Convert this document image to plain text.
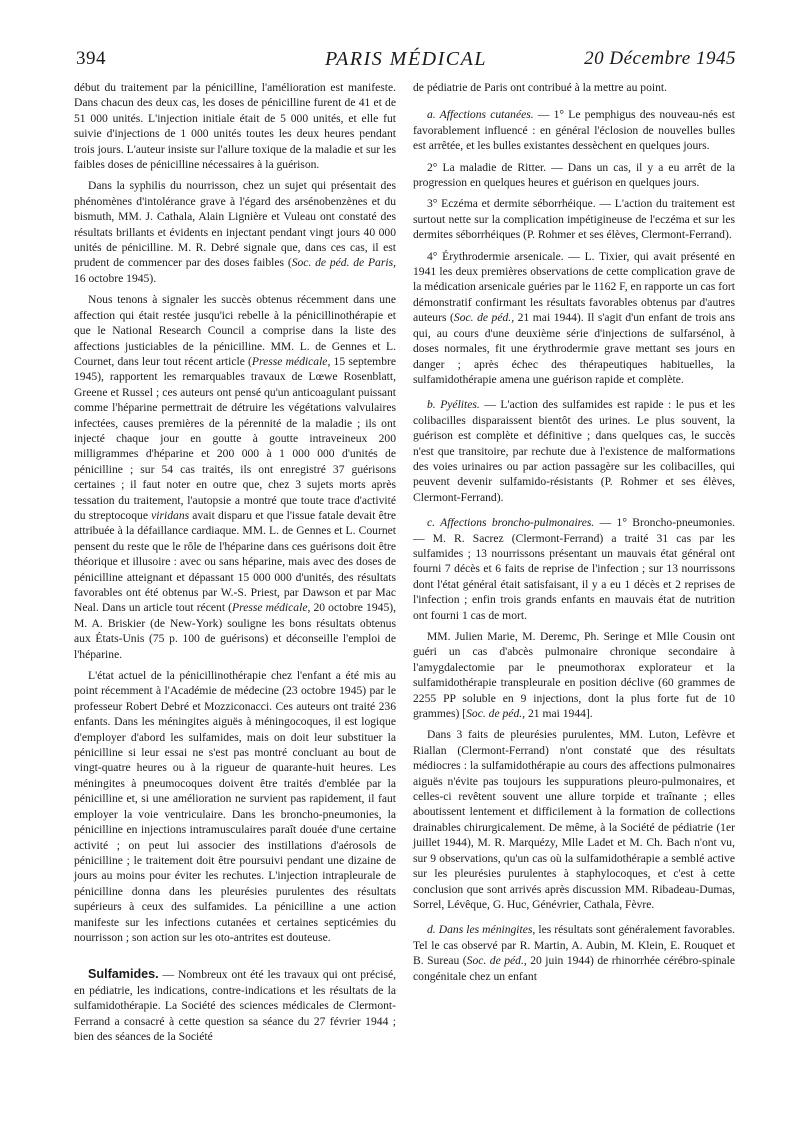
394	PARIS MÉDICAL	20 Décembre 1945

début du traitement par la pénicilline, l'amélioration est manifeste. Dans chacun des deux cas, les doses de pénicilline furent de 41 et de 51 000 unités. L'injection initiale était de 5 000 unités, et elle fut suivie d'injections de 1 000 unités toutes les deux heures pendant trois jours. L'auteur insiste sur l'allure toxique de la maladie et sur les faibles doses de pénicilline nécessaires à la guérison.

Dans la syphilis du nourrisson, chez un sujet qui présentait des phénomènes d'intolérance grave à l'égard des arsénobenzènes et du bismuth, MM. J. Cathala, Alain Lignière et Vuleau ont constaté des résultats brillants et évidents en injectant pendant vingt jours 40 000 unités de pénicilline. M. R. Debré signale que, dans ces cas, il est prudent de commencer par des doses faibles (Soc. de péd. de Paris, 16 octobre 1945).

Nous tenons à signaler les succès obtenus récemment dans une affection qui était restée jusqu'ici rebelle à la pénicillinothérapie et que le National Research Council a comprise dans la liste des affections justiciables de la pénicilline. MM. L. de Gennes et L. Cournet, dans leur tout récent article (Presse médicale, 15 septembre 1945), rapportent les remarquables travaux de Lœwe Rosenblatt, Greene et Russel ; ces auteurs ont pensé qu'un anticoagulant puissant comme l'héparine permettrait de détruire les végétations valvulaires infectées, causes premières de la pérennité de la maladie ; ils ont injecté chaque jour en goutte à goutte intraveineux 200 milligrammes d'héparine et 200 000 à 1 000 000 d'unités de pénicilline ; sur 54 cas traités, ils ont enregistré 37 guérisons certaines ; il faut noter en outre que, chez 3 sujets morts après tessation du traitement, l'autopsie a montré que toute trace d'activité du streptocoque viridans avait disparu et que l'issue fatale devait être attribuée à la défaillance cardiaque. MM. L. de Gennes et L. Cournet pensent du reste que le rôle de l'héparine dans ces guérisons doit être théorique et illusoire : avec ou sans héparine, mais avec des doses de pénicilline atteignant et dépassant 15 000 000 d'unités, des résultats favorables ont été obtenus par W.-S. Priest, par Dawson et par Mac Neal. Dans un article tout récent (Presse médicale, 20 octobre 1945), M. A. Briskier (de New-York) souligne les bons résultats obtenus aux États-Unis (75 p. 100 de guérisons) et déconseille l'emploi de l'héparine.

L'état actuel de la pénicillinothérapie chez l'enfant a été mis au point récemment à l'Académie de médecine (23 octobre 1945) par le professeur Robert Debré et Mozziconacci. Ces auteurs ont traité 236 enfants. Dans les méningites aiguës à méningocoques, il est logique d'employer d'abord les sulfamides, mais on doit leur substituer la pénicilline si leur essai ne s'est pas montré concluant au bout de vingt-quatre heures ou à la rigueur de quarante-huit heures. Les méningites à pneumocoques doivent être traités d'emblée par la pénicilline et, si une amélioration ne survient pas rapidement, il faut employer la voie ventriculaire. Dans les broncho-pneumonies, la pénicilline en injections intramusculaires paraît douée d'une certaine activité ; on peut lui associer des instillations d'aérosols de pénicilline ; le traitement doit être poursuivi pendant une dizaine de jours au moins pour éviter les rechutes. L'injection intrapleurale de pénicilline donna dans les pleurésies purulentes des résultats supérieurs à ceux des sulfamides. La pénicilline a une action manifeste sur les infections cutanées et certaines septicémies du nourrisson ; son action sur les oto-antrites est douteuse.

Sulfamides. — Nombreux ont été les travaux qui ont précisé, en pédiatrie, les indications, contre-indications et les résultats de la sulfamidothérapie. La Société des sciences médicales de Clermont-Ferrand a consacré à cette question sa séance du 27 février 1944 ; bien des séances de la Société

de pédiatrie de Paris ont contribué à la mettre au point.

a. Affections cutanées. — 1° Le pemphigus des nouveau-nés est favorablement influencé : en général l'éclosion de nouvelles bulles est arrêtée, et les bulles existantes dessèchent en quelques jours.

2° La maladie de Ritter. — Dans un cas, il y a eu arrêt de la progression en quelques heures et guérison en quelques jours.

3° Eczéma et dermite séborrhéique. — L'action du traitement est surtout nette sur la complication impétigineuse de l'eczéma et sur les dermites séborrhéiques (P. Rohmer et ses élèves, Clermont-Ferrand).

4° Érythrodermie arsenicale. — L. Tixier, qui avait présenté en 1941 les deux premières observations de cette complication grave de la médication arsenicale guéries par le 1162 F, en rapporte un cas fort démonstratif confirmant les résultats favorables obtenus par d'autres auteurs (Soc. de péd., 21 mai 1944). Il s'agit d'un enfant de trois ans qui, au cours d'une deuxième série d'injections de sulfarsénol, à doses normales, fit une érythrodermie grave mettant ses jours en danger ; après échec des thérapeutiques habituelles, la sulfamidothérapie amena une guérison rapide et complète.

b. Pyélites. — L'action des sulfamides est rapide : le pus et les colibacilles disparaissent bientôt des urines. Le plus souvent, la guérison est complète et définitive ; dans quelques cas, le succès n'est que transitoire, par rechute due à l'existence de malformations des voies urinaires ou par action passagère sur les colibacilles, qui peuvent devenir sulfamido-résistants (P. Rohmer et ses élèves, Clermont-Ferrand).

c. Affections broncho-pulmonaires. — 1° Broncho-pneumonies. — M. R. Sacrez (Clermont-Ferrand) a traité 31 cas par les sulfamides ; 13 nourrissons présentant un mauvais état général ont fourni 7 décès et 6 faits de reprise de l'infection ; sur 13 nourrissons dont l'état général était satisfaisant, il y a eu 1 décès et 2 reprises de l'infection ; enfin trois grands enfants en mauvais état de nutrition ont fourni 1 cas de mort.

MM. Julien Marie, M. Deremc, Ph. Seringe et Mlle Cousin ont guéri un cas d'abcès pulmonaire chronique secondaire à l'amygdalectomie par le pneumothorax explorateur et la sulfamidothérapie transpleurale en position déclive (60 grammes de 2255 PP soluble en 9 injections, dont la plus forte fut de 10 grammes) [Soc. de péd., 21 mai 1944].

Dans 3 faits de pleurésies purulentes, MM. Luton, Lefèvre et Riallan (Clermont-Ferrand) n'ont constaté que des résultats médiocres : la sulfamidothérapie au cours des affections pulmonaires aiguës n'évite pas toujours les suppurations pleuro-pulmonaires, et celles-ci revêtent souvent une allure torpide et traînante ; elles aboutissent lentement et difficilement à la formation de collections drainables chirurgicalement. De même, à la Société de pédiatrie (1er juillet 1944), M. R. Marquézy, Mlle Ladet et M. Ch. Bach n'ont vu, sur 9 observations, qu'un cas où la sulfamidothérapie a semblé active sur les pleurésies purulentes à staphylocoques, et c'est à cette conclusion que sont arrivés après discussion MM. Ribadeau-Dumas, Sorrel, Lévêque, G. Huc, Génévrier, Cathala, Fèvre.

d. Dans les méningites, les résultats sont généralement favorables. Tel le cas observé par R. Martin, A. Aubin, M. Klein, E. Rouquet et B. Sureau (Soc. de péd., 20 juin 1944) de rhinorrhée cérébro-spinale congénitale chez un enfant
